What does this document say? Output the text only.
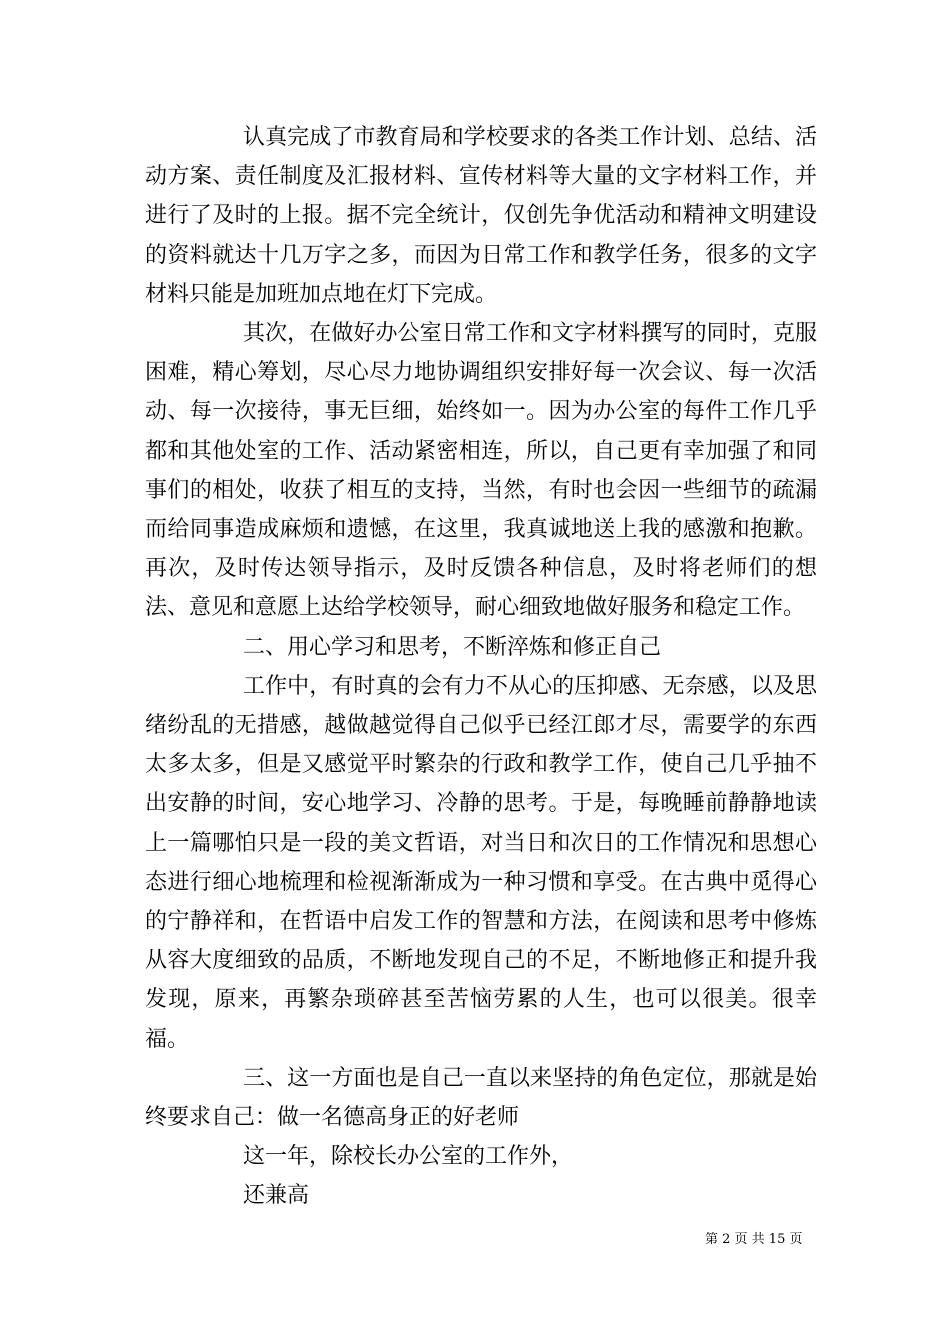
认真完成了市教育局和学校要求的各类工作计划、总结、活动方案、责任制度及汇报材料、宣传材料等大量的文字材料工作，并进行了及时的上报。据不完全统计，仅创先争优活动和精神文明建设的资料就达十几万字之多，而因为日常工作和教学任务，很多的文字材料只能是加班加点地在灯下完成。

其次，在做好办公室日常工作和文字材料撰写的同时，克服困难，精心筹划，尽心尽力地协调组织安排好每一次会议、每一次活动、每一次接待，事无巨细，始终如一。因为办公室的每件工作几乎都和其他处室的工作、活动紧密相连，所以，自己更有幸加强了和同事们的相处，收获了相互的支持，当然，有时也会因一些细节的疏漏而给同事造成麻烦和遗憾，在这里，我真诚地送上我的感激和抱歉。再次，及时传达领导指示，及时反馈各种信息，及时将老师们的想法、意见和意愿上达给学校领导，耐心细致地做好服务和稳定工作。

二、用心学习和思考，不断淬炼和修正自己

工作中，有时真的会有力不从心的压抑感、无奈感，以及思绪纷乱的无措感，越做越觉得自己似乎已经江郎才尽，需要学的东西太多太多，但是又感觉平时繁杂的行政和教学工作，使自己几乎抽不出安静的时间，安心地学习、冷静的思考。于是，每晚睡前静静地读上一篇哪怕只是一段的美文哲语，对当日和次日的工作情况和思想心态进行细心地梳理和检视渐渐成为一种习惯和享受。在古典中觅得心的宁静祥和，在哲语中启发工作的智慧和方法，在阅读和思考中修炼从容大度细致的品质，不断地发现自己的不足，不断地修正和提升我发现，原来，再繁杂琐碎甚至苦恼劳累的人生，也可以很美。很幸福。

三、这一方面也是自己一直以来坚持的角色定位，那就是始终要求自己：做一名德高身正的好老师

这一年，除校长办公室的工作外，

还兼高

第 2 页 共 15 页
